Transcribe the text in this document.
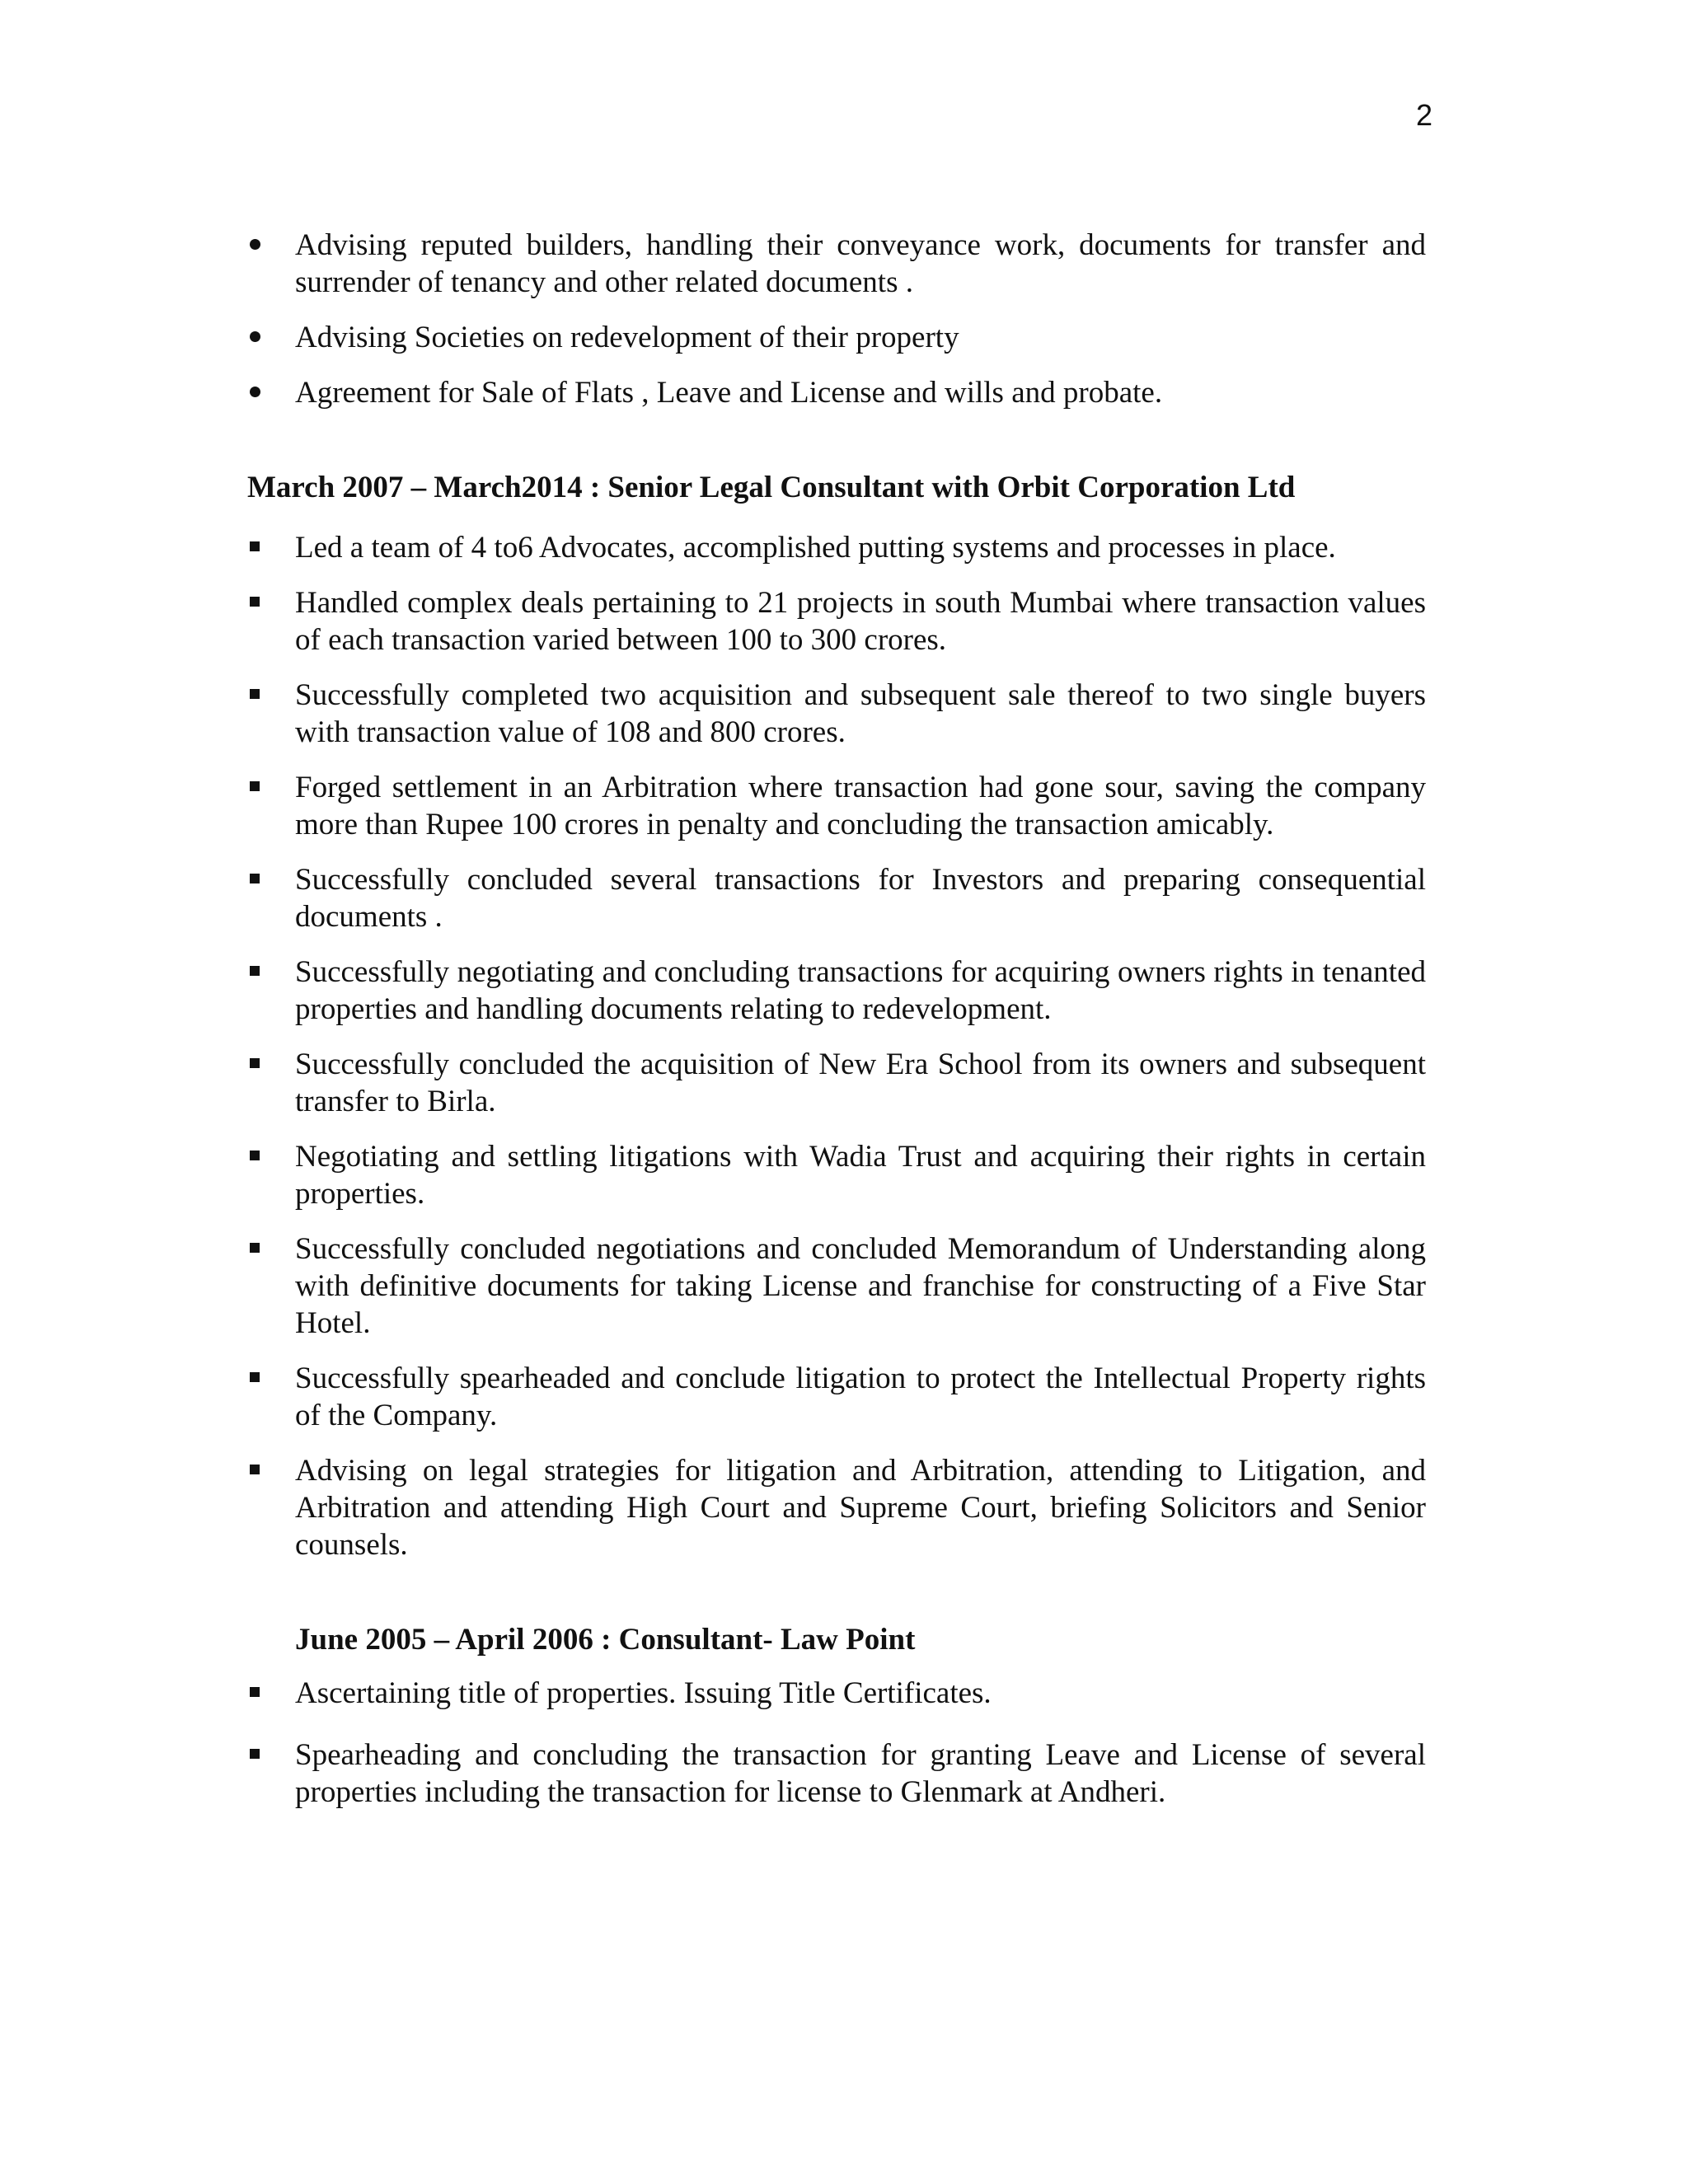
2
Advising reputed builders, handling their conveyance work, documents for transfer and surrender of tenancy and other related documents .
Advising Societies on redevelopment of their property
Agreement for Sale of Flats , Leave and License and wills and probate.
March 2007 – March2014 : Senior Legal Consultant with Orbit Corporation Ltd
Led a team of 4 to6 Advocates, accomplished putting systems and processes in place.
Handled complex deals pertaining to 21 projects in south Mumbai where transaction values of each transaction varied between 100 to 300 crores.
Successfully completed two acquisition and subsequent sale thereof to two single buyers with transaction value of 108 and 800 crores.
Forged settlement in an Arbitration where transaction had gone sour, saving the company more than Rupee 100 crores in penalty and concluding the transaction amicably.
Successfully concluded several transactions for Investors and preparing consequential documents .
Successfully negotiating and concluding transactions for acquiring owners rights in tenanted properties and handling documents relating to redevelopment.
Successfully concluded the acquisition of New Era School from its owners and subsequent transfer to Birla.
Negotiating and settling litigations with Wadia Trust and acquiring their rights in certain properties.
Successfully concluded negotiations and concluded Memorandum of Understanding along with definitive documents for taking License and franchise for constructing of a Five Star Hotel.
Successfully spearheaded and conclude litigation to protect the Intellectual Property rights of the Company.
Advising on legal strategies for litigation and Arbitration, attending to Litigation, and Arbitration and attending High Court and Supreme Court, briefing Solicitors and Senior counsels.
June 2005 – April 2006 : Consultant- Law Point
Ascertaining title of properties. Issuing Title Certificates.
Spearheading and concluding the transaction for granting Leave and License of several properties including the transaction for license to Glenmark at Andheri.
